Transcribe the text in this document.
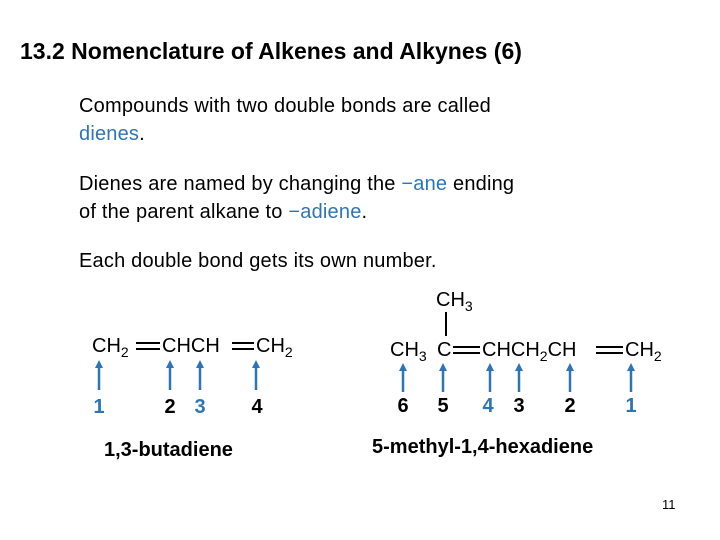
13.2 Nomenclature of Alkenes and Alkynes (6)
Compounds with two double bonds are called
dienes.
Dienes are named by changing the −ane ending
of the parent alkane to −adiene.
Each double bond gets its own number.
$CH_2$ CHCH $CH_2$
1	2 3 4
1,3-butadiene
$CH_3$
$CH_3$ C $CHCH_2CH$ $CH_2$
6 5 4 3 2 1
5-methyl-1,4-hexadiene
11
